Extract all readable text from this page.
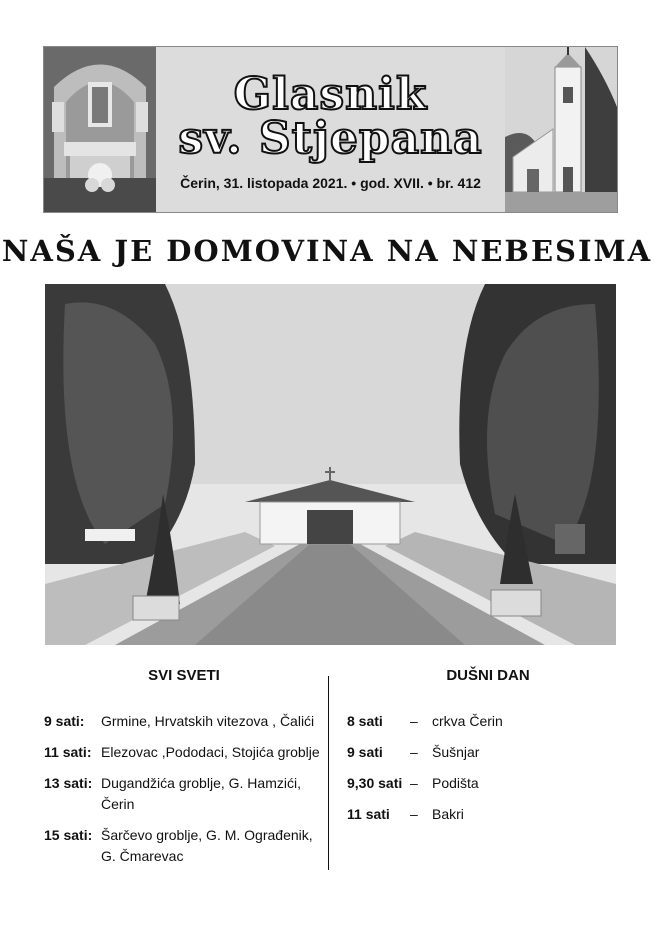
Glasnik
sv. Stjepana
Čerin, 31. listopada 2021. • god. XVII. • br. 412
NAŠA JE DOMOVINA NA NEBESIMA
SVI SVETI	DUŠNI DAN
9 sati: Grmine, Hrvatskih vitezova , Čalići
11 sati: Elezovac ,Pododaci, Stojića groblje
13 sati: Dugandžića groblje, G. Hamzići,
Čerin
15 sati: Šarčevo groblje, G. M. Ograđenik,
G. Čmarevac
8 sati – crkva Čerin
9 sati – Šušnjar
9,30 sati – Podišta
11 sati – Bakri
